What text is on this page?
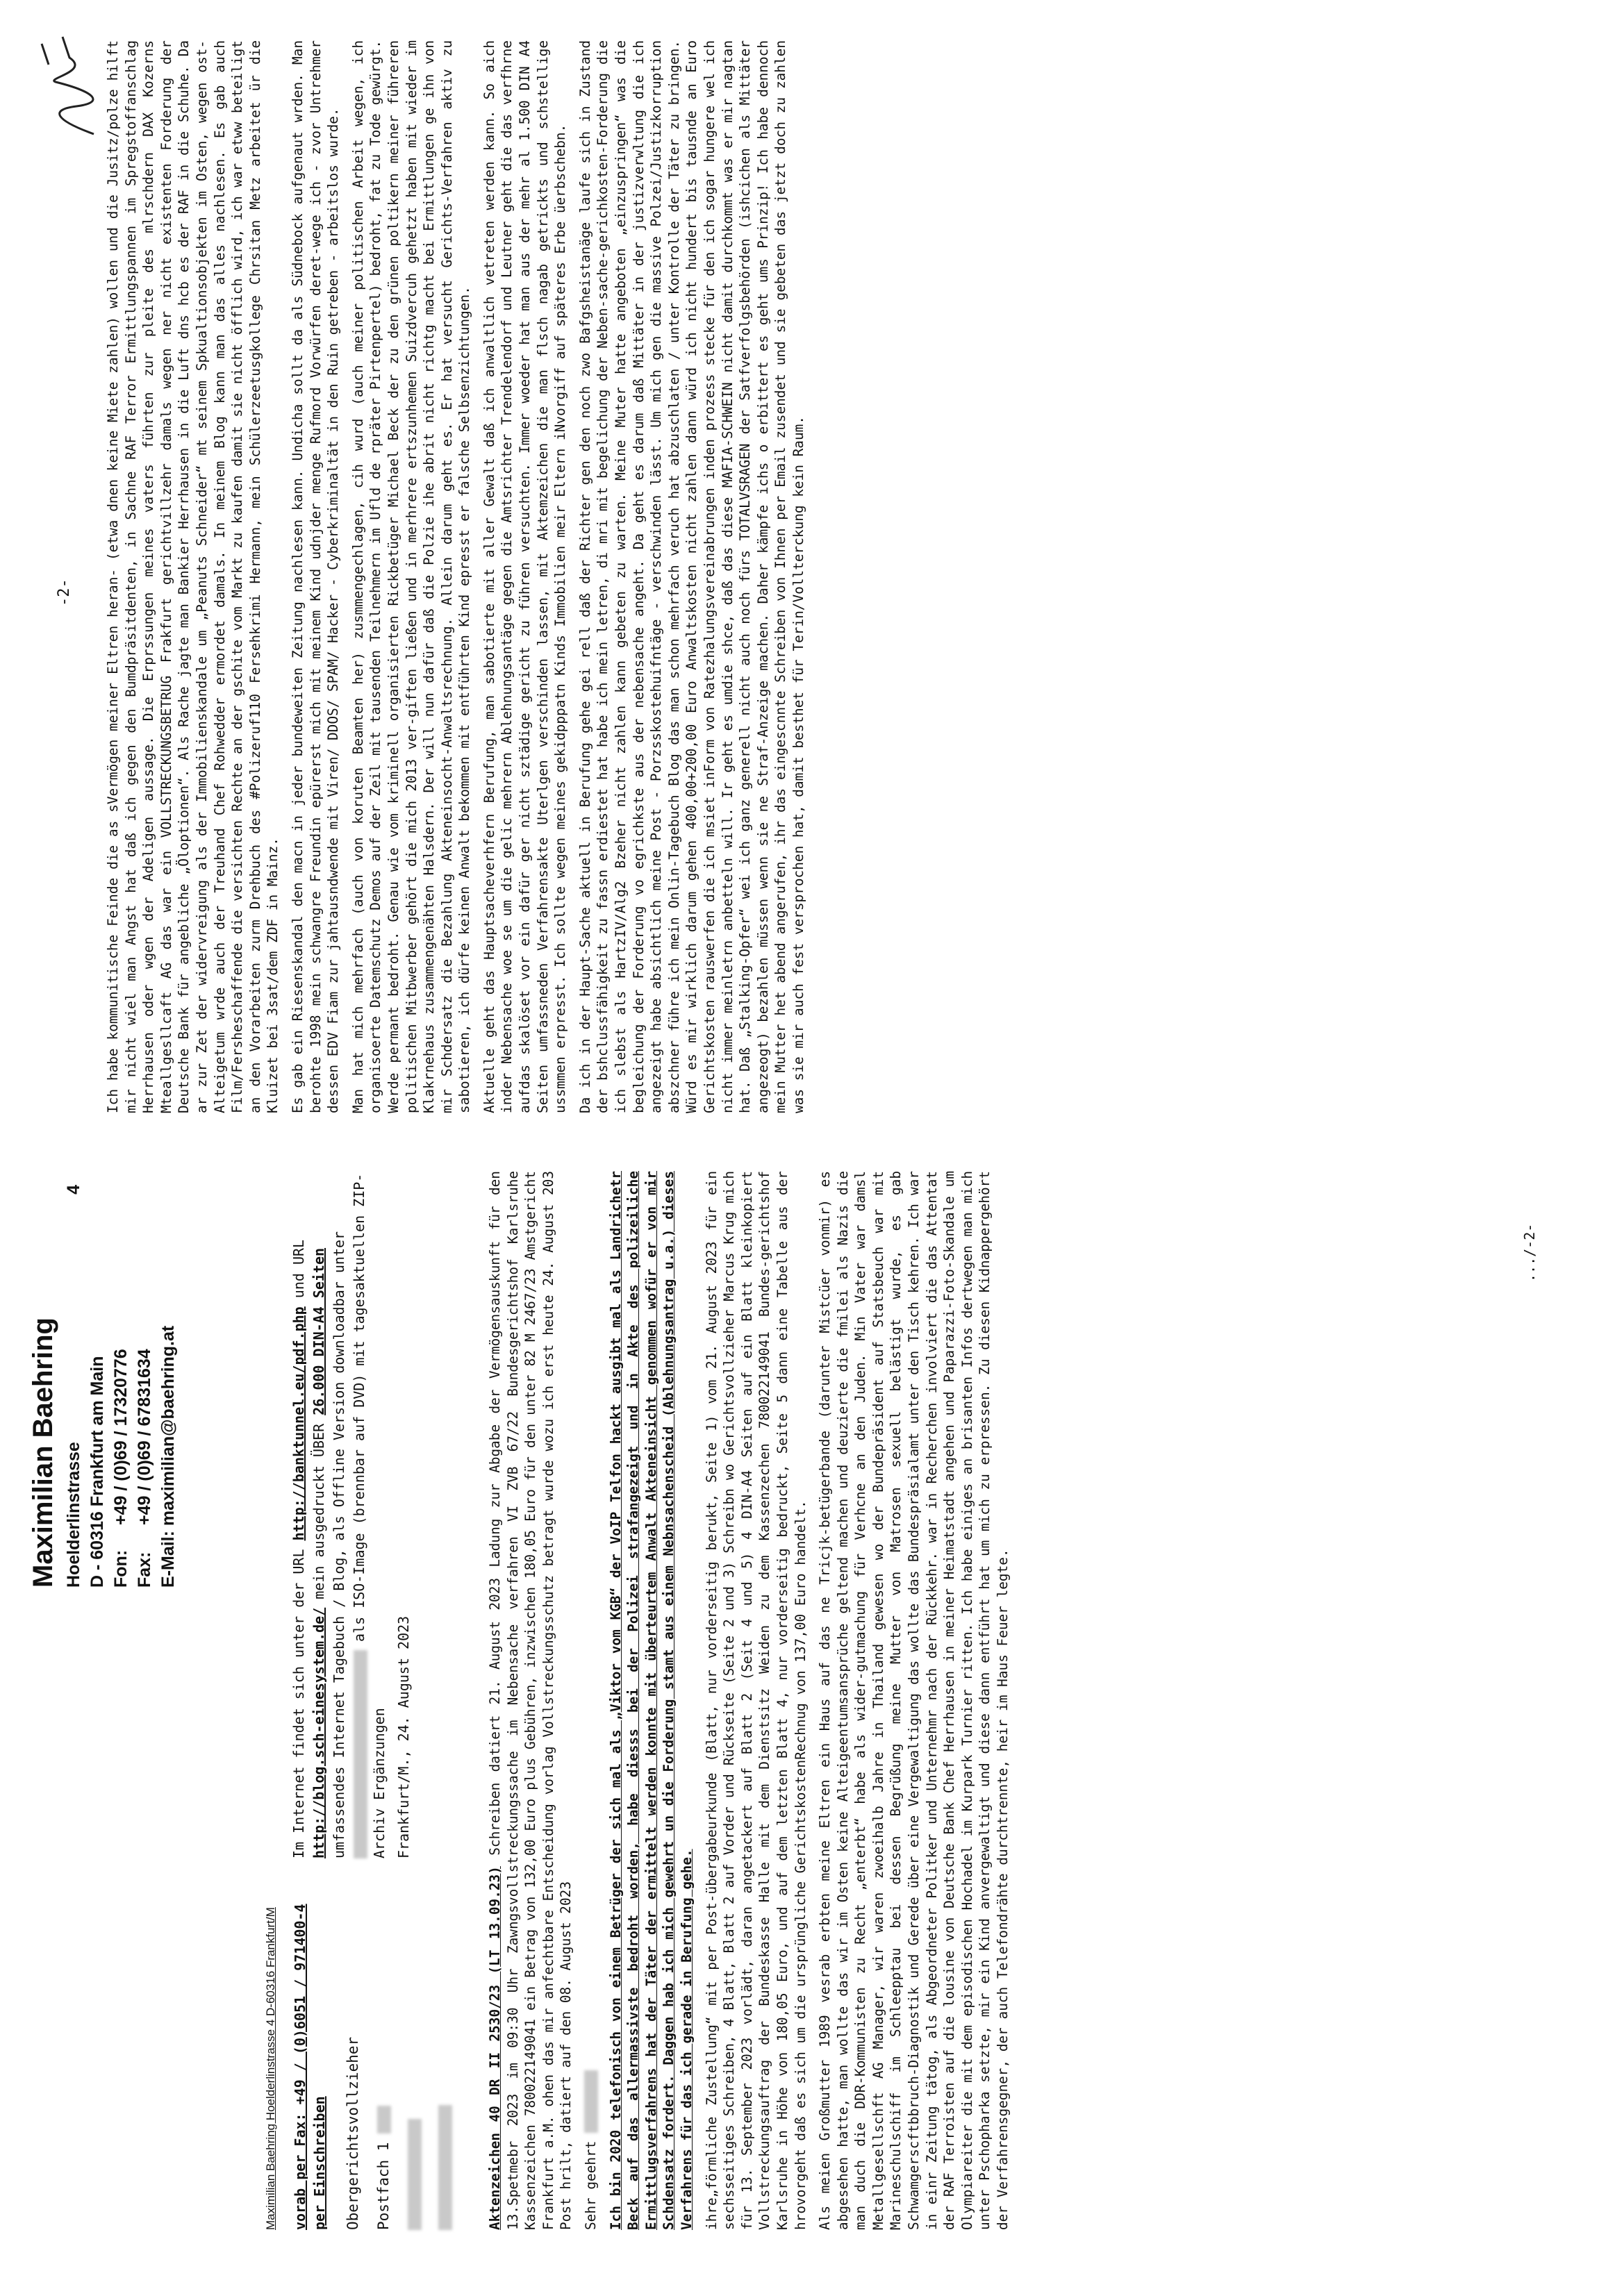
Maximilian Baehring Hoelderlinstrasse
4
D - 60316 Frankfurt am Main Fon:
+49 / (0)69 / 17320776
Fax:
+49 / (0)69 / 67831634 E-Mail: maximilian@baehring.at
Maximilian Baehring Hoelderlinstrasse 4 D-60316 Frankfurt/M vorab per Fax: +49 / (0)6051 / 971400-4 per Einschreiben	Obergerichtsvollzieher Postfach 1
Im Internet findet sich unter der URL http://banktunnel.eu/pdf.php und URL http://blog.sch-einesystem.de/ mein ausgedruckt ÜBER 26.000 DIN-A4 Seiten umfassendes Internet Tagebuch / Blog, als Offline Version downloadbar unter als ISO-Image (brennbar auf DVD) mit tagesaktuellen ZIP-Archiv Ergänzungen Frankfurt/M., 24. August 2023

Aktenzeichen 40 DR II 2530/23 (LT 13.09.23) Schreiben datiert 21. August 2023 Ladung zur Abgabe der Vermögensauskunft für den 13.Spetmebr 2023 im 09:30 Uhr Zawngsvollstreckungssache im Nebensache verfahren VI ZVB 67/22 Bundesgerichtshof Karlsruhe Kassenzeichen 780022149041 ein Betrag von 132,00 Euro plus Gebühren, inzwischen 180,05 Euro für den unter 82 M 2467/23 Amstgericht Frankfurt a.M. ohen das mir anfechtbare Entscheidung vorlag Vollstreckungsschutz betragt wurde wozu ich erst heute 24. August 203 Post hrilt, datiert auf den 08. August 2023 Sehr geehrt Ich bin 2020 telefonisch von einem Betrüger der sich mal als „Viktor vom KGB“ der VoIP Telfon hackt ausgibt mal als Landrichetr Beck auf das allermassivste bedroht worden, habe diesss bei der Polizei strafangezeigt und in Akte des polizeiliche Ermittlugsverfahrens hat der Täter der ermittelt werden konnte mit überteurtem Anwalt Akteneinsicht genommen wofür er von mir Schdensatz fordert. Daggen hab ich mich gewehrt un die Forderung stamt aus einem Nebnsachenscheid (Ablehnungsantrag u.a.) dieses Verfahrens für das ich gerade in Berufung gehe. ihre„förmliche Zustellung“ mit per Post-übergabeurkunde (Blatt, nur vorderseitig berukt, Seite 1) vom 21. August 2023 für ein sechsseitiges Schreiben, 4 Blatt, Blatt 2 auf Vorder und Rückseite (Seite 2 und 3) Schreibn wo Gerichtsvollzieher Marcus Krug mich für 13. September 2023 vorlädt, daran angetackert auf Blatt 2 (Seit 4 und 5) 4 DIN-A4 Seiten auf ein Blatt kleinkopiert Vollstreckungsauftrag der Bundeskasse Halle mit dem Dienstsitz Weiden zu dem Kassenzechen 780022149041 Bundes-gerichtshof Karlsruhe in Höhe von 180,05 Euro, und auf dem letzten Blatt 4, nur vorderseitig bedruckt, Seite 5 dann eine Tabelle aus der hrovorgeht daß es sich um die ursprüngliche GerichtskostenRechnug von 137,00 Euro handelt. Als meien Großmutter 1989 vesrab erbten meine Eltren ein Haus auf das ne Tricjk-betügerbande (darunter Mistcüer vonmir) es abgesehen hatte, man wollte das wir im Osten keine Alteigeentumsansprüche geltend machen und deuzierte die fmilei als Nazis die man duch die DDR-Kommunisten zu Recht „enterbt“ habe als wider-gutmachung für Verhcne an den Juden. Min Vater war damsl Metallgesellschft AG Manager, wir waren zwoeihalb Jahre in Thailand gewesen wo der Bundepräsident auf Statsbeuch war mit Marineschulschiff im Schleepptau bei dessen Begrüßung meine Mutter von Matrosen sexuell belästigt wurde, es gab Schwamgerscftbbruch-Diagnostik und Gerede über eine Vergewaltigung das wollte das Bundespräsialamt unter den Tisch kehren. Ich war in einr Zeitung tätog, als Abgeordneter Politker und Unternehmr nach der Rückkehr. war in Recherchen involviert die das Attentat der RAF Terroisten auf die lousine von Deutsche Bank Chef Herrhausen in meiner Heimatstadt angehen und Paparazzi-Foto-Skandale um Olympiareiter die mit dem episodischen Hochadel im Kurpark Turnier ritten. Ich habe einiges an brisanten Infos dertwegen man mich unter Pschopharka setzte, mir ein Kind anvergewaltigt und diese dann entführt hat um mich zu erpressen. Zu diesen Kidnappergehört der Verfahrensgegner, der auch Telefondrähte durchtrennte, heir im Haus Feuer legte.

.../-2-
-2- Ich habe kommunitische Feinde die as sVermögen meiner Eltren heran- (etwa dnen keine Miete zahlen) wollen und die Jusitz/polze hilft mir nicht wiel man Angst hat daß ich gegen den Bumdpräsitdenten, in Sachne RAF Terror Ermittlungspannen im Spregstoffanschlag Herrhausen oder wgen der Adeligen aussage. Die Erprssungen meines vaters führten zur pleite des mlrschdern DAX Kozerns Mteallgesllcaft AG das war ein VOLLSTRECKUNGSBETRUG Frakfurt gerichtvillzehr damals wegen ner nicht existenten Forderung der Deutsche Bank für angebliche „Öloptionen“. Als Rache jagte man Bankier Herrhausen in die Luft dns hcb es der RAF in die Schuhe. Da ar zur Zet der widervreigung als der Immobilienskandale um „Peanuts Schneider“ mt seinem Spkualtionsobjekten im Osten, wegen ost-Alteigetum wrde auch der Treuhand Chef Rohwedder ermordet damals. In meinem Blog kann man das alles nachlesen. Es gab auch Film/Fersheschaffende die versichten Rechte an der gschite vom Markt zu kaufen damit sie nicht öfflich wird, ich war etww beteiligt an den Vorarbeiten zurm Drehbuch des #Polizeruf110 Fersehkrimi Hermann, mein Schülerzeetusgkollege Chrsitan Metz arbeitet ür die Kluizet bei 3sat/dem ZDF in Mainz. Es gab ein Riesenskandal den macn in jeder bundeweiten Zeitung nachlesen kann. Undicha sollt da als Südnebock aufgenaut wrden. Man berohte 1998 mein schwangre Freundin epürerst mich mit meinem Kind udnjder menge Rufmord Vorwürfen deret-wege ich - zvor Untrehmer dessen EDV Fiam zur jahtausndwende mit Viren/ DDOS/ SPAM/ Hacker - Cyberkriminaltät in den Ruin getreben - arbeitslos wurde. Man hat mich mehrfach (auch von koruten Beamten her) zusmmengechlagen, cih wurd (auch meiner politischen Arbeit wegen, ich organisoerte Datemschutz Demos auf der Zeil mit tausenden Teilnehmern im Ufld de rpräter Pirtenpertel) bedroht, fat zu Tode gewürgt. Werde permant bedroht. Genau wie vom kriminell organisierten Rickbetüger Michael Beck der zu den grünen poltikern meiner führeren politischen Mitbwerber gehört die mich 2013 ver-giften ließen und in merhrere ertszunhemen Suizdvercuh gehetzt haben mit wieder im Klakrnehaus zusammengenähten Halsdern. Der will nun dafür daß die Polzie ihe abrit nicht richtg macht bei Ermittlungen ge ihn von mir Schdersatz die Bezahlung Akteneinsocht-Anwaltsrechnung. Allein darum geht es. Er hat versucht Gerichts-Verfahren aktiv zu sabotieren, ich dürfe keinen Anwalt bekommen mit entführten Kind epresst er falsche Selbsenzichtungen. Aktuelle geht das Hauptsacheverhfern Berufung, man sabotierte mit aller Gewalt daß ich anwaltlich vetreten werden kann. So aich inder Nebensache woe se um die gelic mehrern Ablehnungsantäge gegen die Amtsrichter Trendelendorf und Leutner geht die das verfhrne aufdas skalöset vor ein dafür ger nicht sztädige gericht zu führen versuchten. Immer woeder hat man aus der mehr al 1.500 DIN A4 Seiten umfassneden Verfahrensakte Uterlgen verschinden lassen, mit Aktemzeichen die man flsch nagab getrickts und schstellige ussmmen erpresst. Ich sollte wegen meines gekidpppatn Kinds Immobilien meir Eltern iNvorgiff auf späteres Erbe üerbschebn. Da ich in der Haupt-Sache aktuell in Berufung gehe gei rell daß der Richter gen den noch zwo Bafgsheistanäge laufe sich in Zustand der bshclussfähigkeit zu fassn erdiestet hat habe ich mein letren, di mri mit begelichung der Neben-sache-gerichkosten-Forderung die ich slebst als HartzIV/Alg2 Bzeher nicht zahlen kann gebeten zu warten. Meine Muter hatte angeboten „einzuspringen“ was die begleichung der Forderung vo egrichkste aus der nebensache angeht. Da geht es darum daß Mittäter in der justizverwltung die ich angezeigt habe absichtlich meine Post - Porzsskostehuifntäge - verschwinden lässt. Um mich gen die massive Polzei/Justizkorruption abszchner führe ich mein Onlin-Tagebuch Blog das man schon mehrfach veruch hat abzuschlaten / unter Kontrolle der Täter zu bringen. Würd es mir wirklich darum gehen 400,00+200,00 Euro Anwaltskosten nicht zahlen dann würd ich nicht hundert bis tausnde an Euro Gerichtskosten rauswerfen die ich msiet inForm von Ratezhalungsvereinabrungen inden prozess stecke für den ich sogar hungere wel ich nicht immer meinletrn anbetteln will. Ir geht es umdie shce, daß das diese MAFIA-SCHWEIN nicht damit durchkommt was er mir nagtan hat. Daß „Stalking-Opfer“ wei ich ganz generell nicht auch noch fürs TOTALVSRAGEN der Satfverfolgsbehörden (ishcichen als Mittäter angezeogt) bezahlen müssen wenn sie ne Straf-Anzeige machen. Daher kämpfe ichs o erbittert es geht ums Prinzip! Ich habe dennoch mein Mutter het abend angerufen, ihr das eingescnnte Schreiben von Ihnen per Email zusendet und sie gebeten das jetzt doch zu zahlen was sie mir auch fest versprochen hat, damit besthet für Terin/Vollterckung kein Raum.
